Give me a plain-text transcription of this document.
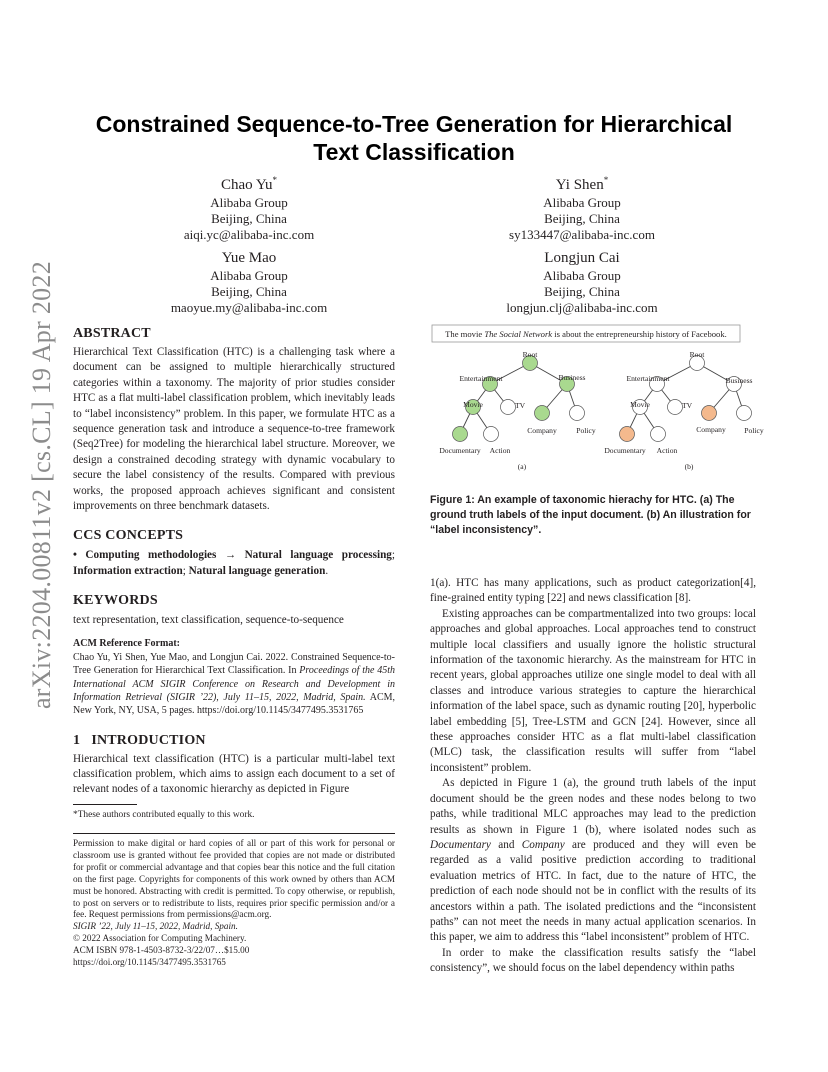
arXiv:2204.00811v2 [cs.CL] 19 Apr 2022
Constrained Sequence-to-Tree Generation for Hierarchical
Text Classification
Chao Yu*
Alibaba Group
Beijing, China
aiqi.yc@alibaba-inc.com
Yi Shen*
Alibaba Group
Beijing, China
sy133447@alibaba-inc.com
Yue Mao
Alibaba Group
Beijing, China
maoyue.my@alibaba-inc.com
Longjun Cai
Alibaba Group
Beijing, China
longjun.clj@alibaba-inc.com
ABSTRACT

Hierarchical Text Classification (HTC) is a challenging task where a document can be assigned to multiple hierarchically structured categories within a taxonomy. The majority of prior studies consider HTC as a flat multi-label classification problem, which inevitably leads to “label inconsistency” problem. In this paper, we formulate HTC as a sequence generation task and introduce a sequence-to-tree framework (Seq2Tree) for modeling the hierarchical label structure. Moreover, we design a constrained decoding strategy with dynamic vocabulary to secure the label consistency of the results. Compared with previous works, the proposed approach achieves significant and consistent improvements on three benchmark datasets.

CCS CONCEPTS

• Computing methodologies → Natural language processing; Information extraction; Natural language generation.

KEYWORDS

text representation, text classification, sequence-to-sequence

ACM Reference Format:

Chao Yu, Yi Shen, Yue Mao, and Longjun Cai. 2022. Constrained Sequence-to-Tree Generation for Hierarchical Text Classification. In Proceedings of the 45th International ACM SIGIR Conference on Research and Development in Information Retrieval (SIGIR ’22), July 11–15, 2022, Madrid, Spain. ACM, New York, NY, USA, 5 pages. https://doi.org/10.1145/3477495.3531765

1 INTRODUCTION

Hierarchical text classification (HTC) is a particular multi-label text classification problem, which aims to assign each document to a set of relevant nodes of a taxonomic hierarchy as depicted in Figure

*These authors contributed equally to this work.

Permission to make digital or hard copies of all or part of this work for personal or classroom use is granted without fee provided that copies are not made or distributed for profit or commercial advantage and that copies bear this notice and the full citation on the first page. Copyrights for components of this work owned by others than ACM must be honored. Abstracting with credit is permitted. To copy otherwise, or republish, to post on servers or to redistribute to lists, requires prior specific permission and/or a fee. Request permissions from permissions@acm.org.

SIGIR ’22, July 11–15, 2022, Madrid, Spain.

© 2022 Association for Computing Machinery.

ACM ISBN 978-1-4503-8732-3/22/07…$15.00

https://doi.org/10.1145/3477495.3531765

The movie The Social Network is about the entrepreneurship history of Facebook.
Root
Entertainment	Business
Movie	TV
Company	Policy
Documentary Action
(a)
Root
Entertainment	Business
Movie	TV
Company Policy
Documentary Action
(b)
Figure 1: An example of taxonomic hierachy for HTC. (a) The ground truth labels of the input document. (b) An illustration for “label inconsistency”.

1(a). HTC has many applications, such as product categorization[4], fine-grained entity typing [22] and news classification [8].

Existing approaches can be compartmentalized into two groups: local approaches and global approaches. Local approaches tend to construct multiple local classifiers and usually ignore the holistic structural information of the taxonomic hierarchy. As the mainstream for HTC in recent years, global approaches utilize one single model to deal with all classes and introduce various strategies to capture the hierarchical information of the label space, such as dynamic routing [20], hyperbolic label embedding [5], Tree-LSTM and GCN [24]. However, since all these approaches consider HTC as a flat multi-label classification (MLC) task, the classification results will suffer from “label inconsistent” problem.

As depicted in Figure 1 (a), the ground truth labels of the input document should be the green nodes and these nodes belong to two paths, while traditional MLC approaches may lead to the prediction results as shown in Figure 1 (b), where isolated nodes such as Documentary and Company are produced and they will even be regarded as a valid positive prediction according to traditional evaluation metrics of HTC. In fact, due to the nature of HTC, the prediction of each node should not be in conflict with the results of its ancestors within a path. The isolated predictions and the “inconsistent paths” can not meet the needs in many actual application scenarios. In this paper, we aim to address this “label inconsistent” problem of HTC.

In order to make the classification results satisfy the “label consistency”, we should focus on the label dependency within paths
